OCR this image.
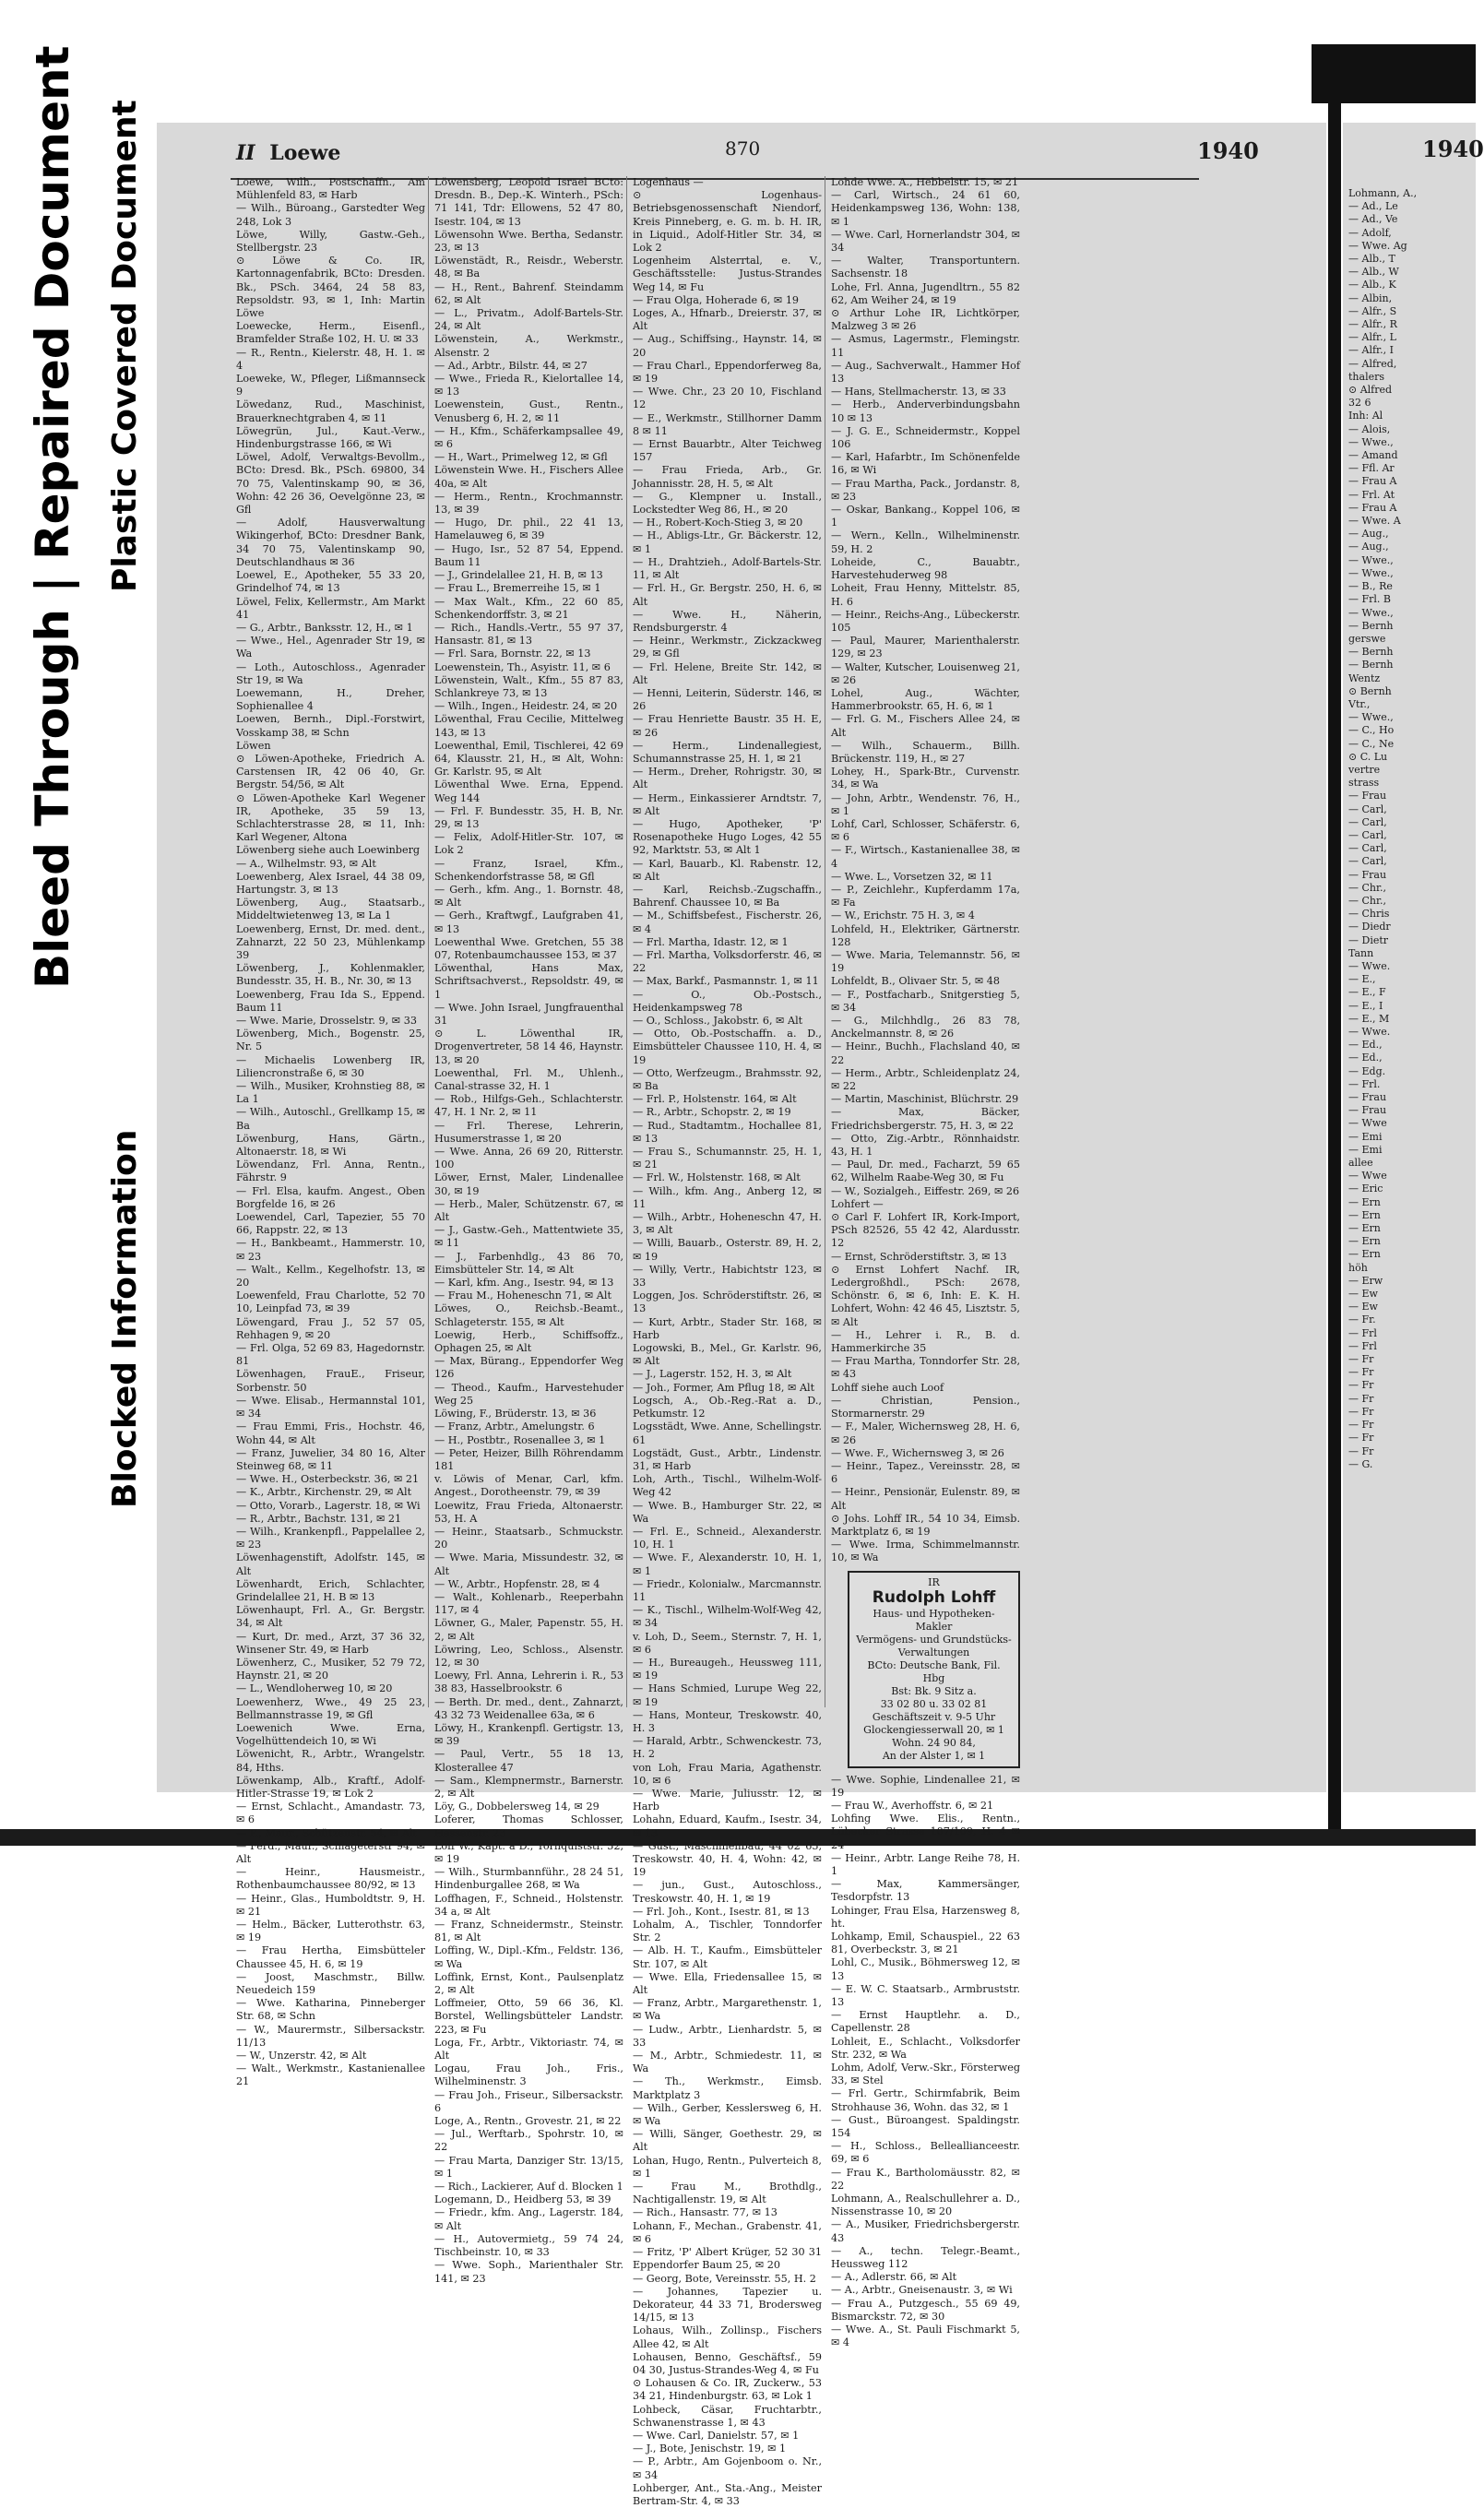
Bleed Through | Repaired Document Plastic Covered Document
Blocked Information
II Loewe	870	1940

Loewe, Wilh., Postschaffn., Am Mühlenfeld 83, ✉ Harb

— Wilh., Büroang., Garstedter Weg 248, Lok 3

Löwe, Willy, Gastw.-Geh., Stellbergstr. 23

⊙ Löwe & Co. IR, Kartonnagenfabrik, BCto: Dresden. Bk., PSch. 3464, 24 58 83, Repsoldstr. 93, ✉ 1, Inh: Martin Löwe

Loewecke, Herm., Eisenfl., Bramfelder Straße 102, H. U. ✉ 33

— R., Rentn., Kielerstr. 48, H. 1. ✉ 4

Loeweke, W., Pfleger, Lißmannseck 9

Löwedanz, Rud., Maschinist, Brauerknechtgraben 4, ✉ 11

Löwegrün, Jul., Kaut.-Verw., Hindenburgstrasse 166, ✉ Wi

Löwel, Adolf, Verwaltgs-Bevollm., BCto: Dresd. Bk., PSch. 69800, 34 70 75, Valentinskamp 90, ✉ 36, Wohn: 42 26 36, Oevelgönne 23, ✉ Gfl

— Adolf, Hausverwaltung Wikingerhof, BCto: Dresdner Bank, 34 70 75, Valentinskamp 90, Deutschlandhaus ✉ 36

Loewel, E., Apotheker, 55 33 20, Grindelhof 74, ✉ 13

Löwel, Felix, Kellermstr., Am Markt 41

— G., Arbtr., Banksstr. 12, H., ✉ 1

— Wwe., Hel., Agenrader Str 19, ✉ Wa

— Loth., Autoschloss., Agenrader Str 19, ✉ Wa

Loewemann, H., Dreher, Sophienallee 4

Loewen, Bernh., Dipl.-Forstwirt, Vosskamp 38, ✉ Schn

Löwen

⊙ Löwen-Apotheke, Friedrich A. Carstensen IR, 42 06 40, Gr. Bergstr. 54/56, ✉ Alt

⊙ Löwen-Apotheke Karl Wegener IR, Apotheke, 35 59 13, Schlachterstrasse 28, ✉ 11, Inh: Karl Wegener, Altona

Löwenberg siehe auch Loewinberg

— A., Wilhelmstr. 93, ✉ Alt

Loewenberg, Alex Israel, 44 38 09, Hartungstr. 3, ✉ 13

Löwenberg, Aug., Staatsarb., Middeltwietenweg 13, ✉ La 1

Loewenberg, Ernst, Dr. med. dent., Zahnarzt, 22 50 23, Mühlenkamp 39

Löwenberg, J., Kohlenmakler, Bundesstr. 35, H. B., Nr. 30, ✉ 13

Loewenberg, Frau Ida S., Eppend. Baum 11

— Wwe. Marie, Drosselstr. 9, ✉ 33

Löwenberg, Mich., Bogenstr. 25, Nr. 5

— Michaelis Lowenberg IR, Liliencronstraße 6, ✉ 30

— Wilh., Musiker, Krohnstieg 88, ✉ La 1

— Wilh., Autoschl., Grellkamp 15, ✉ Ba

Löwenburg, Hans, Gärtn., Altonaerstr. 18, ✉ Wi

Löwendanz, Frl. Anna, Rentn., Fährstr. 9

— Frl. Elsa, kaufm. Angest., Oben Borgfelde 16, ✉ 26

Loewendel, Carl, Tapezier, 55 70 66, Rappstr. 22, ✉ 13

— H., Bankbeamt., Hammerstr. 10, ✉ 23

— Walt., Kellm., Kegelhofstr. 13, ✉ 20

Loewenfeld, Frau Charlotte, 52 70 10, Leinpfad 73, ✉ 39

Löwengard, Frau J., 52 57 05, Rehhagen 9, ✉ 20

— Frl. Olga, 52 69 83, Hagedornstr. 81

Löwenhagen, FrauE., Friseur, Sorbenstr. 50

— Wwe. Elisab., Hermannstal 101, ✉ 34

— Frau Emmi, Fris., Hochstr. 46, Wohn 44, ✉ Alt

— Franz, Juwelier, 34 80 16, Alter Steinweg 68, ✉ 11

— Wwe. H., Osterbeckstr. 36, ✉ 21

— K., Arbtr., Kirchenstr. 29, ✉ Alt

— Otto, Vorarb., Lagerstr. 18, ✉ Wi

— R., Arbtr., Bachstr. 131, ✉ 21

— Wilh., Krankenpfl., Pappelallee 2, ✉ 23

Löwenhagenstift, Adolfstr. 145, ✉ Alt

Löwenhardt, Erich, Schlachter, Grindelallee 21, H. B ✉ 13

Löwenhaupt, Frl. A., Gr. Bergstr. 34, ✉ Alt

— Kurt, Dr. med., Arzt, 37 36 32, Winsener Str. 49, ✉ Harb

Löwenherz, C., Musiker, 52 79 72, Haynstr. 21, ✉ 20

— L., Wendloherweg 10, ✉ 20

Loewenherz, Wwe., 49 25 23, Bellmannstrasse 19, ✉ Gfl

Loewenich Wwe. Erna, Vogelhüttendeich 10, ✉ Wi

Löwenicht, R., Arbtr., Wrangelstr. 84, Hths.

Löwenkamp, Alb., Kraftf., Adolf-Hitler-Strasse 19, ✉ Lok 2

— Ernst, Schlacht., Amandastr. 73, ✉ 6

— F., Maur., Schützenstr. 54, ✉ Alt

— Ferd., Maur., Schlageterstr 94, ✉ Alt

— Heinr., Hausmeistr., Rothenbaumchaussee 80/92, ✉ 13

— Heinr., Glas., Humboldtstr. 9, H. ✉ 21

— Helm., Bäcker, Lutterothstr. 63, ✉ 19

— Frau Hertha, Eimsbütteler Chaussee 45, H. 6, ✉ 19

— Joost, Maschmstr., Billw. Neuedeich 159

— Wwe. Katharina, Pinneberger Str. 68, ✉ Schn

— W., Maurermstr., Silbersackstr. 11/13

— W., Unzerstr. 42, ✉ Alt

— Walt., Werkmstr., Kastanienallee 21

Löwensberg, Leopold Israel BCto: Dresdn. B., Dep.-K. Winterh., PSch: 71 141, Tdr: Ellowens, 52 47 80, Isestr. 104, ✉ 13

Löwensohn Wwe. Bertha, Sedanstr. 23, ✉ 13

Löwenstädt, R., Reisdr., Weberstr. 48, ✉ Ba

— H., Rent., Bahrenf. Steindamm 62, ✉ Alt

— L., Privatm., Adolf-Bartels-Str. 24, ✉ Alt

Löwenstein, A., Werkmstr., Alsenstr. 2

— Ad., Arbtr., Bilstr. 44, ✉ 27

— Wwe., Frieda R., Kielortallee 14, ✉ 13

Loewenstein, Gust., Rentn., Venusberg 6, H. 2, ✉ 11

— H., Kfm., Schäferkampsallee 49, ✉ 6

— H., Wart., Primelweg 12, ✉ Gfl

Löwenstein Wwe. H., Fischers Allee 40a, ✉ Alt

— Herm., Rentn., Krochmannstr. 13, ✉ 39

— Hugo, Dr. phil., 22 41 13, Hamelauweg 6, ✉ 39

— Hugo, Isr., 52 87 54, Eppend. Baum 11

— J., Grindelallee 21, H. B, ✉ 13

— Frau L., Bremerreihe 15, ✉ 1

— Max Walt., Kfm., 22 60 85, Schenkendorffstr. 3, ✉ 21

— Rich., Handls.-Vertr., 55 97 37, Hansastr. 81, ✉ 13

— Frl. Sara, Bornstr. 22, ✉ 13

Loewenstein, Th., Asyistr. 11, ✉ 6

Löwenstein, Walt., Kfm., 55 87 83, Schlankreye 73, ✉ 13

— Wilh., Ingen., Heidestr. 24, ✉ 20

Löwenthal, Frau Cecilie, Mittelweg 143, ✉ 13

Loewenthal, Emil, Tischlerei, 42 69 64, Klausstr. 21, H., ✉ Alt, Wohn: Gr. Karlstr. 95, ✉ Alt

Löwenthal Wwe. Erna, Eppend. Weg 144

— Frl. F. Bundesstr. 35, H. B, Nr. 29, ✉ 13

— Felix, Adolf-Hitler-Str. 107, ✉ Lok 2

— Franz, Israel, Kfm., Schenkendorfstrasse 58, ✉ Gfl

— Gerh., kfm. Ang., 1. Bornstr. 48, ✉ Alt

— Gerh., Kraftwgf., Laufgraben 41, ✉ 13

Loewenthal Wwe. Gretchen, 55 38 07, Rotenbaumchaussee 153, ✉ 37

Löwenthal, Hans Max, Schriftsachverst., Repsoldstr. 49, ✉ 1

— Wwe. John Israel, Jungfrauenthal 31

⊙ L. Löwenthal IR, Drogenvertreter, 58 14 46, Haynstr. 13, ✉ 20

Loewenthal, Frl. M., Uhlenh., Canal-strasse 32, H. 1

— Rob., Hilfgs-Geh., Schlachterstr. 47, H. 1 Nr. 2, ✉ 11

— Frl. Therese, Lehrerin, Husumerstrasse 1, ✉ 20

— Wwe. Anna, 26 69 20, Ritterstr. 100

Löwer, Ernst, Maler, Lindenallee 30, ✉ 19

— Herb., Maler, Schützenstr. 67, ✉ Alt

— J., Gastw.-Geh., Mattentwiete 35, ✉ 11

— J., Farbenhdlg., 43 86 70, Eimsbütteler Str. 14, ✉ Alt

— Karl, kfm. Ang., Isestr. 94, ✉ 13

— Frau M., Hoheneschn 71, ✉ Alt

Löwes, O., Reichsb.-Beamt., Schlageterstr. 155, ✉ Alt

Loewig, Herb., Schiffsoffz., Ophagen 25, ✉ Alt

— Max, Bürang., Eppendorfer Weg 126

— Theod., Kaufm., Harvestehuder Weg 25

Löwing, F., Brüderstr. 13, ✉ 36

— Franz, Arbtr., Amelungstr. 6

— H., Postbtr., Rosenallee 3, ✉ 1

— Peter, Heizer, Billh Röhrendamm 181

v. Löwis of Menar, Carl, kfm. Angest., Dorotheenstr. 79, ✉ 39

Loewitz, Frau Frieda, Altonaerstr. 53, H. A

— Heinr., Staatsarb., Schmuckstr. 20

— Wwe. Maria, Missundestr. 32, ✉ Alt

— W., Arbtr., Hopfenstr. 28, ✉ 4

— Walt., Kohlenarb., Reeperbahn 117, ✉ 4

Löwner, G., Maler, Papenstr. 55, H. 2, ✉ Alt

Löwring, Leo, Schloss., Alsenstr. 12, ✉ 30

Loewy, Frl. Anna, Lehrerin i. R., 53 38 83, Hasselbrookstr. 6

— Berth. Dr. med., dent., Zahnarzt, 43 32 73 Weidenallee 63a, ✉ 6

Löwy, H., Krankenpfl. Gertigstr. 13, ✉ 39

— Paul, Vertr., 55 18 13, Klosterallee 47

— Sam., Klempnermstr., Barnerstr. 2, ✉ Alt

Löy, G., Dobbelersweg 14, ✉ 29

Loferer, Thomas Schlosser, Hessenstr. 23

Loff W., Kapt. a D., Tornquiststr. 52, ✉ 19

— Wilh., Sturmbannführ., 28 24 51, Hindenburgallee 268, ✉ Wa

Loffhagen, F., Schneid., Holstenstr. 34 a, ✉ Alt

— Franz, Schneidermstr., Steinstr. 81, ✉ Alt

Loffing, W., Dipl.-Kfm., Feldstr. 136, ✉ Wa

Loffink, Ernst, Kont., Paulsenplatz 2, ✉ Alt

Loffmeier, Otto, 59 66 36, Kl. Borstel, Wellingsbütteler Landstr. 223, ✉ Fu

Loga, Fr., Arbtr., Viktoriastr. 74, ✉ Alt

Logau, Frau Joh., Fris., Wilhelminenstr. 3

— Frau Joh., Friseur., Silbersackstr. 6

Loge, A., Rentn., Grovestr. 21, ✉ 22

— Jul., Werftarb., Spohrstr. 10, ✉ 22

— Frau Marta, Danziger Str. 13/15, ✉ 1

— Rich., Lackierer, Auf d. Blocken 1

Logemann, D., Heidberg 53, ✉ 39

— Friedr., kfm. Ang., Lagerstr. 184, ✉ Alt

— H., Autovermietg., 59 74 24, Tischbeinstr. 10, ✉ 33

— Wwe. Soph., Marienthaler Str. 141, ✉ 23

Logenhaus —

⊙ Logenhaus-Betriebsgenossenschaft Niendorf, Kreis Pinneberg, e. G. m. b. H. IR, in Liquid., Adolf-Hitler Str. 34, ✉ Lok 2

Logenheim Alsterrtal, e. V., Geschäftsstelle: Justus-Strandes Weg 14, ✉ Fu

— Frau Olga, Hoherade 6, ✉ 19

Loges, A., Hfnarb., Dreierstr. 37, ✉ Alt

— Aug., Schiffsing., Haynstr. 14, ✉ 20

— Frau Charl., Eppendorferweg 8a, ✉ 19

— Wwe. Chr., 23 20 10, Fischland 12

— E., Werkmstr., Stillhorner Damm 8 ✉ 11

— Ernst Bauarbtr., Alter Teichweg 157

— Frau Frieda, Arb., Gr. Johannisstr. 28, H. 5, ✉ Alt

— G., Klempner u. Install., Lockstedter Weg 86, H., ✉ 20

— H., Robert-Koch-Stieg 3, ✉ 20

— H., Abligs-Ltr., Gr. Bäckerstr. 12, ✉ 1

— H., Drahtzieh., Adolf-Bartels-Str. 11, ✉ Alt

— Frl. H., Gr. Bergstr. 250, H. 6, ✉ Alt

— Wwe. H., Näherin, Rendsburgerstr. 4

— Heinr., Werkmstr., Zickzackweg 29, ✉ Gfl

— Frl. Helene, Breite Str. 142, ✉ Alt

— Henni, Leiterin, Süderstr. 146, ✉ 26

— Frau Henriette Baustr. 35 H. E, ✉ 26

— Herm., Lindenallegiest, Schumannstrasse 25, H. 1, ✉ 21

— Herm., Dreher, Rohrigstr. 30, ✉ Alt

— Herm., Einkassierer Arndtstr. 7, ✉ Alt

— Hugo, Apotheker, 'P' Rosenapotheke Hugo Loges, 42 55 92, Marktstr. 53, ✉ Alt 1

— Karl, Bauarb., Kl. Rabenstr. 12, ✉ Alt

— Karl, Reichsb.-Zugschaffn., Bahrenf. Chaussee 10, ✉ Ba

— M., Schiffsbefest., Fischerstr. 26, ✉ 4

— Frl. Martha, Idastr. 12, ✉ 1

— Frl. Martha, Volksdorferstr. 46, ✉ 22

— Max, Barkf., Pasmannstr. 1, ✉ 11

— O., Ob.-Postsch., Heidenkampsweg 78

— O., Schloss., Jakobstr. 6, ✉ Alt

— Otto, Ob.-Postschaffn. a. D., Eimsbütteler Chaussee 110, H. 4, ✉ 19

— Otto, Werfzeugm., Brahmsstr. 92, ✉ Ba

— Frl. P., Holstenstr. 164, ✉ Alt

— R., Arbtr., Schopstr. 2, ✉ 19

— Rud., Stadtamtm., Hochallee 81, ✉ 13

— Frau S., Schumannstr. 25, H. 1, ✉ 21

— Frl. W., Holstenstr. 168, ✉ Alt

— Wilh., kfm. Ang., Anberg 12, ✉ 11

— Wilh., Arbtr., Hoheneschn 47, H. 3, ✉ Alt

— Willi, Bauarb., Osterstr. 89, H. 2, ✉ 19

— Willy, Vertr., Habichtstr 123, ✉ 33

Loggen, Jos. Schröderstiftstr. 26, ✉ 13

— Kurt, Arbtr., Stader Str. 168, ✉ Harb

Logowski, B., Mel., Gr. Karlstr. 96, ✉ Alt

— J., Lagerstr. 152, H. 3, ✉ Alt

— Joh., Former, Am Pflug 18, ✉ Alt

Logsch, A., Ob.-Reg.-Rat a. D., Petkumstr. 12

Logsstädt, Wwe. Anne, Schellingstr. 61

Logstädt, Gust., Arbtr., Lindenstr. 31, ✉ Harb

Loh, Arth., Tischl., Wilhelm-Wolf-Weg 42

— Wwe. B., Hamburger Str. 22, ✉ Wa

— Frl. E., Schneid., Alexanderstr. 10, H. 1

— Wwe. F., Alexanderstr. 10, H. 1, ✉ 1

— Friedr., Kolonialw., Marcmannstr. 11

— K., Tischl., Wilhelm-Wolf-Weg 42, ✉ 34

v. Loh, D., Seem., Sternstr. 7, H. 1, ✉ 6

— H., Bureaugeh., Heussweg 111, ✉ 19

— Hans Schmied, Lurupe Weg 22, ✉ 19

— Hans, Monteur, Treskowstr. 40, H. 3

— Harald, Arbtr., Schwenckestr. 73, H. 2

von Loh, Frau Maria, Agathenstr. 10, ✉ 6

— Wwe. Marie, Juliusstr. 12, ✉ Harb

Lohahn, Eduard, Kaufm., Isestr. 34, ✉ 13

— Gust., Maschinenbau, 44 02 65, Treskowstr. 40, H. 4, Wohn: 42, ✉ 19

— jun., Gust., Autoschloss., Treskowstr. 40, H. 1, ✉ 19

— Frl. Joh., Kont., Isestr. 81, ✉ 13

Lohalm, A., Tischler, Tonndorfer Str. 2

— Alb. H. T., Kaufm., Eimsbütteler Str. 107, ✉ Alt

— Wwe. Ella, Friedensallee 15, ✉ Alt

— Franz, Arbtr., Margarethenstr. 1, ✉ Wa

— Ludw., Arbtr., Lienhardstr. 5, ✉ 33

— M., Arbtr., Schmiedestr. 11, ✉ Wa

— Th., Werkmstr., Eimsb. Marktplatz 3

— Wilh., Gerber, Kesslersweg 6, H. ✉ Wa

— Willi, Sänger, Goethestr. 29, ✉ Alt

Lohan, Hugo, Rentn., Pulverteich 8, ✉ 1

— Frau M., Brothdlg., Nachtigallenstr. 19, ✉ Alt

— Rich., Hansastr. 77, ✉ 13

Lohann, F., Mechan., Grabenstr. 41, ✉ 6

— Fritz, 'P' Albert Krüger, 52 30 31 Eppendorfer Baum 25, ✉ 20

— Georg, Bote, Vereinsstr. 55, H. 2

— Johannes, Tapezier u. Dekorateur, 44 33 71, Brodersweg 14/15, ✉ 13

Lohaus, Wilh., Zollinsp., Fischers Allee 42, ✉ Alt

Lohausen, Benno, Geschäftsf., 59 04 30, Justus-Strandes-Weg 4, ✉ Fu

⊙ Lohausen & Co. IR, Zuckerw., 53 34 21, Hindenburgstr. 63, ✉ Lok 1

Lohbeck, Cäsar, Fruchtarbtr., Schwanenstrasse 1, ✉ 43

— Wwe. Carl, Danielstr. 57, ✉ 1

— J., Bote, Jenischstr. 19, ✉ 1

— P., Arbtr., Am Gojenboom o. Nr., ✉ 34

Lohberger, Ant., Sta.-Ang., Meister Bertram-Str. 4, ✉ 33

Lohde Wwe. A., Hebbelstr. 15, ✉ 21

— Carl, Wirtsch., 24 61 60, Heidenkampsweg 136, Wohn: 138, ✉ 1

— Wwe. Carl, Hornerlandstr 304, ✉ 34

— Walter, Transportuntern. Sachsenstr. 18

Lohe, Frl. Anna, Jugendltrn., 55 82 62, Am Weiher 24, ✉ 19

⊙ Arthur Lohe IR, Lichtkörper, Malzweg 3 ✉ 26

— Asmus, Lagermstr., Flemingstr. 11

— Aug., Sachverwalt., Hammer Hof 13

— Hans, Stellmacherstr. 13, ✉ 33

— Herb., Anderverbindungsbahn 10 ✉ 13

— J. G. E., Schneidermstr., Koppel 106

— Karl, Hafarbtr., Im Schönenfelde 16, ✉ Wi

— Frau Martha, Pack., Jordanstr. 8, ✉ 23

— Oskar, Bankang., Koppel 106, ✉ 1

— Wern., Kelln., Wilhelminenstr. 59, H. 2

Loheide, C., Bauabtr., Harvestehuderweg 98

Loheit, Frau Henny, Mittelstr. 85, H. 6

— Heinr., Reichs-Ang., Lübeckerstr. 105

— Paul, Maurer, Marienthalerstr. 129, ✉ 23

— Walter, Kutscher, Louisenweg 21, ✉ 26

Lohel, Aug., Wächter, Hammerbrookstr. 65, H. 6, ✉ 1

— Frl. G. M., Fischers Allee 24, ✉ Alt

— Wilh., Schauerm., Billh. Brückenstr. 119, H., ✉ 27

Lohey, H., Spark-Btr., Curvenstr. 34, ✉ Wa

— John, Arbtr., Wendenstr. 76, H., ✉ 1

Lohf, Carl, Schlosser, Schäferstr. 6, ✉ 6

— F., Wirtsch., Kastanienallee 38, ✉ 4

— Wwe. L., Vorsetzen 32, ✉ 11

— P., Zeichlehr., Kupferdamm 17a, ✉ Fa

— W., Erichstr. 75 H. 3, ✉ 4

Lohfeld, H., Elektriker, Gärtnerstr. 128

— Wwe. Maria, Telemannstr. 56, ✉ 19

Lohfeldt, B., Olivaer Str. 5, ✉ 48

— F., Postfacharb., Snitgerstieg 5, ✉ 34

— G., Milchhdlg., 26 83 78, Anckelmannstr. 8, ✉ 26

— Heinr., Buchh., Flachsland 40, ✉ 22

— Herm., Arbtr., Schleidenplatz 24, ✉ 22

— Martin, Maschinist, Blüchrstr. 29

— Max, Bäcker, Friedrichsbergerstr. 75, H. 3, ✉ 22

— Otto, Zig.-Arbtr., Rönnhaidstr. 43, H. 1

— Paul, Dr. med., Facharzt, 59 65 62, Wilhelm Raabe-Weg 30, ✉ Fu

— W., Sozialgeh., Eiffestr. 269, ✉ 26

Lohfert —

⊙ Carl F. Lohfert IR, Kork-Import, PSch 82526, 55 42 42, Alardusstr. 12

— Ernst, Schröderstiftstr. 3, ✉ 13

⊙ Ernst Lohfert Nachf. IR, Ledergroßhdl., PSch: 2678, Schönstr. 6, ✉ 6, Inh: E. K. H. Lohfert, Wohn: 42 46 45, Lisztstr. 5, ✉ Alt

— H., Lehrer i. R., B. d. Hammerkirche 35

— Frau Martha, Tonndorfer Str. 28, ✉ 43

Lohff siehe auch Loof

— Christian, Pension., Stormarnerstr. 29

— F., Maler, Wichernsweg 28, H. 6, ✉ 26

— Wwe. F., Wichernsweg 3, ✉ 26

— Heinr., Tapez., Vereinsstr. 28, ✉ 6

— Heinr., Pensionär, Eulenstr. 89, ✉ Alt

⊙ Johs. Lohff IR., 54 10 34, Eimsb. Marktplatz 6, ✉ 19

— Wwe. Irma, Schimmelmannstr. 10, ✉ Wa

IR
Rudolph Lohff
Haus- und Hypotheken-Makler
Vermögens- und Grundstücks-
Verwaltungen
BCto: Deutsche Bank, Fil. Hbg
Bst: Bk. 9 Sitz a.
33 02 80 u. 33 02 81
Geschäftszeit v. 9-5 Uhr
Glockengiesserwall 20, ✉ 1
Wohn. 24 90 84,
An der Alster 1, ✉ 1

— Wwe. Sophie, Lindenallee 21, ✉ 19

— Frau W., Averhoffstr. 6, ✉ 21

Lohfing Wwe. Elis., Rentn., Lübecker Strasse 107/109, H. 4 ✉ 24

— Heinr., Arbtr. Lange Reihe 78, H. 1

— Max, Kammersänger, Tesdorpfstr. 13

Lohinger, Frau Elsa, Harzensweg 8, ht.

Lohkamp, Emil, Schauspiel., 22 63 81, Overbeckstr. 3, ✉ 21

Lohl, C., Musik., Böhmersweg 12, ✉ 13

— E. W. C. Staatsarb., Armbruststr. 13

— Ernst Hauptlehr. a. D., Capellenstr. 28

Lohleit, E., Schlacht., Volksdorfer Str. 232, ✉ Wa

Lohm, Adolf, Verw.-Skr., Försterweg 33, ✉ Stel

— Frl. Gertr., Schirmfabrik, Beim Strohhause 36, Wohn. das 32, ✉ 1

— Gust., Büroangest. Spaldingstr. 154

— H., Schloss., Belleallianceestr. 69, ✉ 6

— Frau K., Bartholomäusstr. 82, ✉ 22

Lohmann, A., Realschullehrer a. D., Nissenstrasse 10, ✉ 20

— A., Musiker, Friedrichsbergerstr. 43

— A., techn. Telegr.-Beamt., Heussweg 112

— A., Adlerstr. 66, ✉ Alt

— A., Arbtr., Gneisenaustr. 3, ✉ Wi

— Frau A., Putzgesch., 55 69 49, Bismarckstr. 72, ✉ 30

— Wwe. A., St. Pauli Fischmarkt 5, ✉ 4

1940
Lohmann, A.,
— Ad., Le
— Ad., Ve
— Adolf,
— Wwe. Ag
— Alb., T
— Alb., W
— Alb., K
— Albin,
— Alfr., S
— Alfr., R
— Alfr., L
— Alfr., I
— Alfred,
thalers
⊙ Alfred
32 6
Inh: Al
— Alois,
— Wwe.,
— Amand
— Ffl. Ar
— Frau A
— Frl. At
— Frau A
— Wwe. A
— Aug.,
— Aug.,
— Wwe.,
— Wwe.,
— B., Re
— Frl. B
— Wwe.,
— Bernh
gerswe
— Bernh
— Bernh
Wentz
⊙ Bernh
Vtr.,
— Wwe.,
— C., Ho
— C., Ne
⊙ C. Lu
vertre
strass
— Frau
— Carl,
— Carl,
— Carl,
— Carl,
— Carl,
— Frau
— Chr.,
— Chr.,
— Chris
— Diedr
— Dietr
Tann
— Wwe.
— E.,
— E., F
— E., I
— E., M
— Wwe.
— Ed.,
— Ed.,
— Edg.
— Frl.
— Frau
— Frau
— Wwe
— Emi
— Emi
allee
— Wwe
— Eric
— Ern
— Ern
— Ern
— Ern
— Ern
höh
— Erw
— Ew
— Ew
— Fr.
— Frl
— Frl
— Fr
— Fr
— Fr
— Fr
— Fr
— Fr
— Fr
— Fr
— G.
